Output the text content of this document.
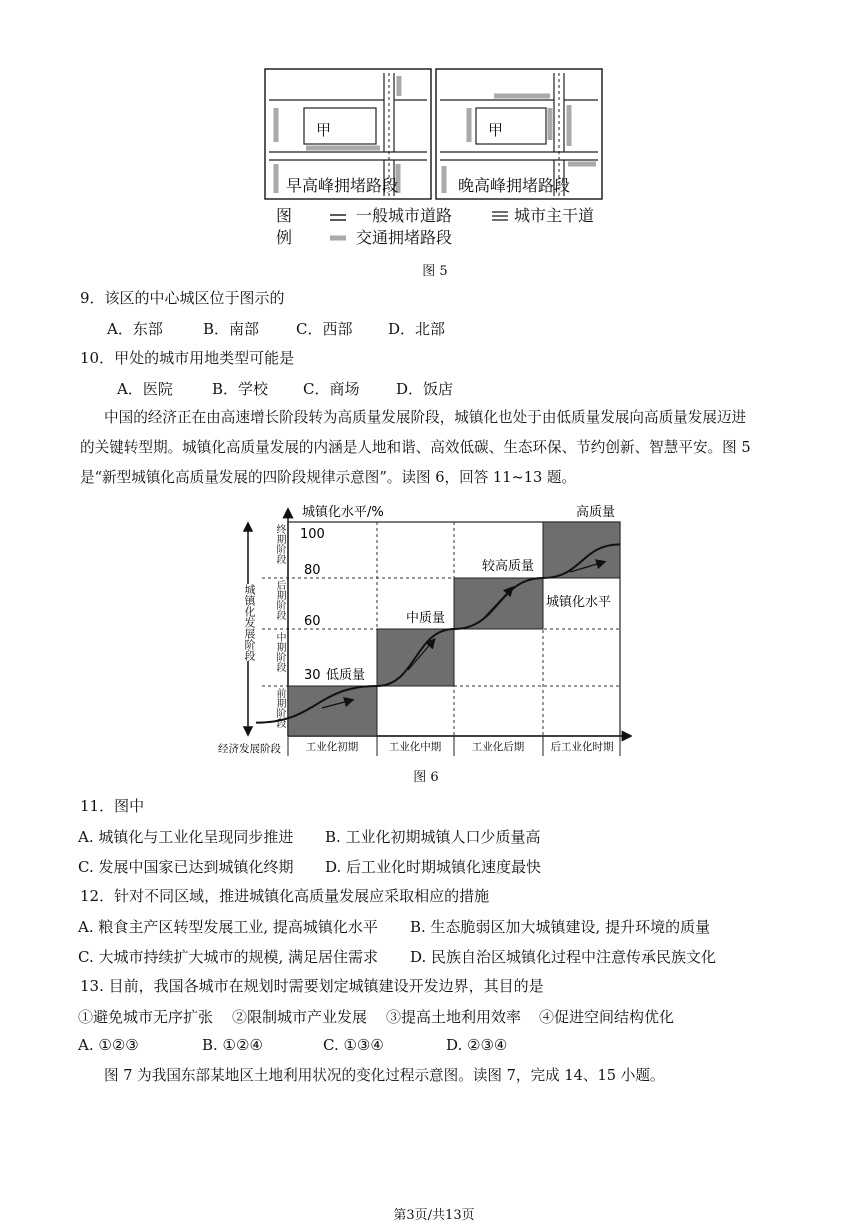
甲	甲
早高峰拥堵路段	晚高峰拥堵路段
图
例
一般城市道路	城市主干道
交通拥堵路段
图 5
9．该区的中心城区位于图示的
A．东部	B．南部 C．西部 D．北部
10．甲处的城市用地类型可能是
A．医院	B．学校 C．商场 D．饭店
中国的经济正在由高速增长阶段转为高质量发展阶段，城镇化也处于由低质量发展向高质量发展迈进
的关键转型期。城镇化高质量发展的内涵是人地和谐、高效低碳、生态环保、节约创新、智慧平安。图 5
是“新型城镇化高质量发展的四阶段规律示意图”。读图 6，回答 11~13 题。
城镇化水平/%
100
80
60
30 低质量
中质量
较高质量
高质量
城镇化水平
经济发展阶段 工业化初期	工业化中期	工业化后期	后工业化时期
城镇化发展阶段
终期阶段
后期阶段
中期阶段
前期阶段
图 6
11．图中
A. 城镇化与工业化呈现同步推进 B. 工业化初期城镇人口少质量高
C. 发展中国家已达到城镇化终期 D. 后工业化时期城镇化速度最快
12．针对不同区域，推进城镇化高质量发展应采取相应的措施
A. 粮食主产区转型发展工业, 提高城镇化水平 B. 生态脆弱区加大城镇建设, 提升环境的质量
C. 大城市持续扩大城市的规模, 满足居住需求 D. 民族自治区城镇化过程中注意传承民族文化
13. 目前，我国各城市在规划时需要划定城镇建设开发边界，其目的是
①避免城市无序扩张 ②限制城市产业发展 ③提高土地利用效率 ④促进空间结构优化
A. ①②③	B. ①②④	C. ①③④	D. ②③④
图 7 为我国东部某地区土地利用状况的变化过程示意图。读图 7，完成 14、15 小题。
第3页/共13页
